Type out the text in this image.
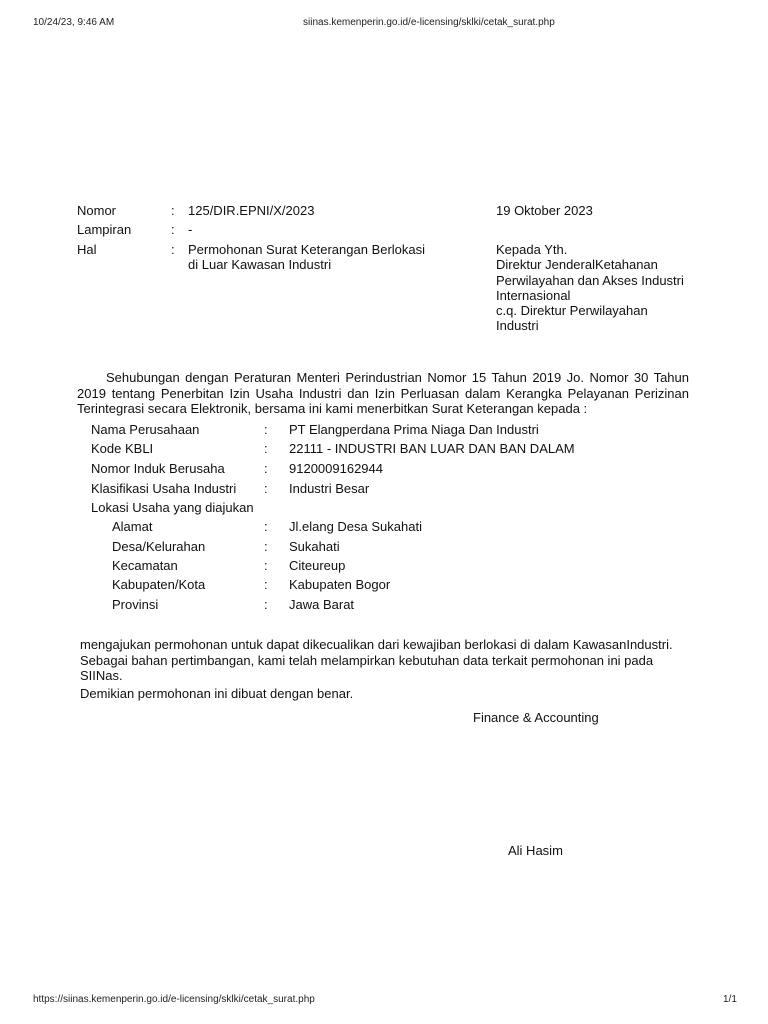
10/24/23, 9:46 AM	siinas.kemenperin.go.id/e-licensing/sklki/cetak_surat.php
Nomor	: 125/DIR.EPNI/X/2023
Lampiran	: -
Hal	: Permohonan Surat Keterangan Berlokasi
di Luar Kawasan Industri
19 Oktober 2023
Kepada Yth.
Direktur JenderalKetahanan
Perwilayahan dan Akses Industri
Internasional
c.q. Direktur Perwilayahan
Industri
Sehubungan dengan Peraturan Menteri Perindustrian Nomor 15 Tahun 2019 Jo. Nomor 30 Tahun 2019 tentang Penerbitan Izin Usaha Industri dan Izin Perluasan dalam Kerangka Pelayanan Perizinan Terintegrasi secara Elektronik, bersama ini kami menerbitkan Surat Keterangan kepada :
Nama Perusahaan	: PT Elangperdana Prima Niaga Dan Industri
Kode KBLI	: 22111 - INDUSTRI BAN LUAR DAN BAN DALAM
Nomor Induk Berusaha	: 9120009162944
Klasifikasi Usaha Industri : Industri Besar
Lokasi Usaha yang diajukan
Alamat	: Jl.elang Desa Sukahati
Desa/Kelurahan	: Sukahati
Kecamatan	: Citeureup
Kabupaten/Kota	: Kabupaten Bogor
Provinsi	: Jawa Barat
mengajukan permohonan untuk dapat dikecualikan dari kewajiban berlokasi di dalam KawasanIndustri.
Sebagai bahan pertimbangan, kami telah melampirkan kebutuhan data terkait permohonan ini pada
SIINas.
Demikian permohonan ini dibuat dengan benar.
Finance & Accounting
Ali Hasim
https://siinas.kemenperin.go.id/e-licensing/sklki/cetak_surat.php	1/1
